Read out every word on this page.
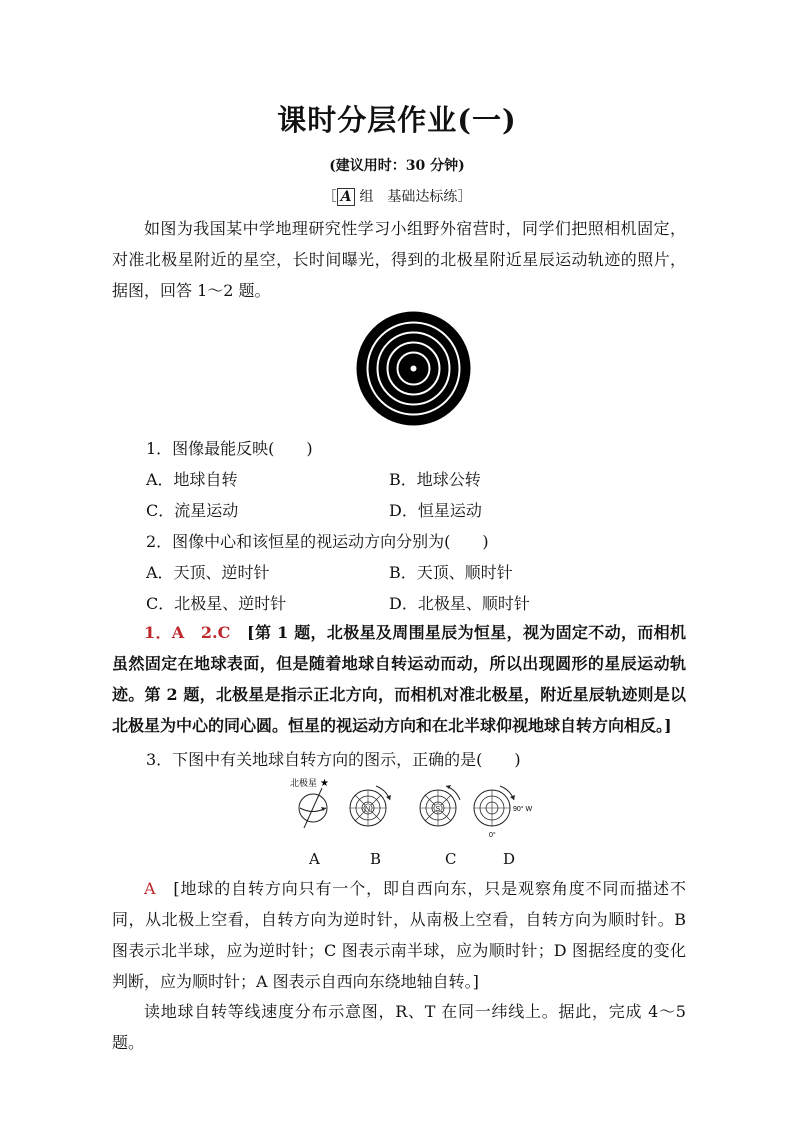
课时分层作业(一)
(建议用时：30 分钟)
［ A 组　基础达标练］
如图为我国某中学地理研究性学习小组野外宿营时，同学们把照相机固定，对准北极星附近的星空，长时间曝光，得到的北极星附近星辰运动轨迹的照片，据图，回答 1～2 题。
1．图像最能反映(　　)
A．地球自转	B．地球公转
C．流星运动	D．恒星运动
2．图像中心和该恒星的视运动方向分别为(　　)
A．天顶、逆时针	B．天顶、顺时针
C．北极星、逆时针	D．北极星、顺时针
1．A　2.C　 [第 1 题，北极星及周围星辰为恒星，视为固定不动，而相机虽然固定在地球表面，但是随着地球自转运动而动，所以出现圆形的星辰运动轨迹。第 2 题，北极星是指示正北方向，而相机对准北极星，附近星辰轨迹则是以北极星为中心的同心圆。恒星的视运动方向和在北半球仰视地球自转方向相反。]
3．下图中有关地球自转方向的图示，正确的是(　　)

北极星 ★
N	S	90° W
0°
A	B	C	D
A　 [地球的自转方向只有一个，即自西向东，只是观察角度不同而描述不同，从北极上空看，自转方向为逆时针，从南极上空看，自转方向为顺时针。B 图表示北半球，应为逆时针；C 图表示南半球，应为顺时针；D 图据经度的变化判断，应为顺时针；A 图表示自西向东绕地轴自转。]
读地球自转等线速度分布示意图，R、T 在同一纬线上。据此，完成 4～5 题。
